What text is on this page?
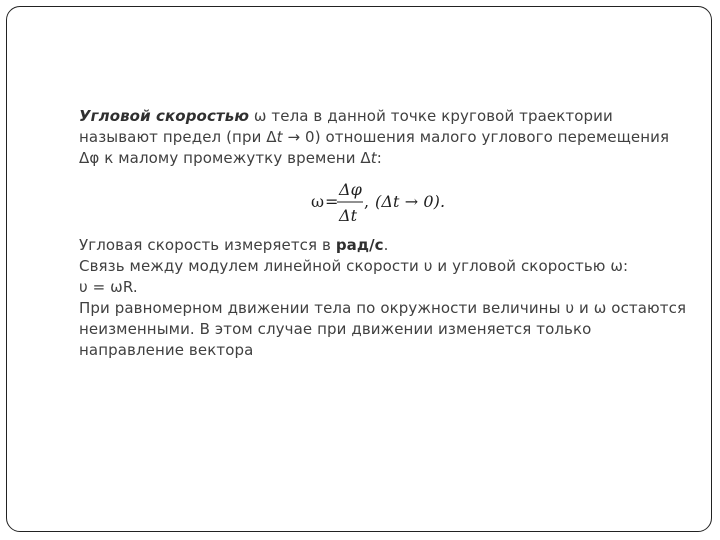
Угловой скоростью ω тела в данной точке круговой траектории называют предел (при Δt → 0) отношения малого углового перемещения Δφ к малому промежутку времени Δt:

ω =
Δφ
Δt
, (Δt → 0).

Угловая скорость измеряется в рад/с.

Связь между модулем линейной скорости υ и угловой скоростью ω:

υ = ωR.

При равномерном движении тела по окружности величины υ и ω остаются неизменными. В этом случае при движении изменяется только направление вектора
